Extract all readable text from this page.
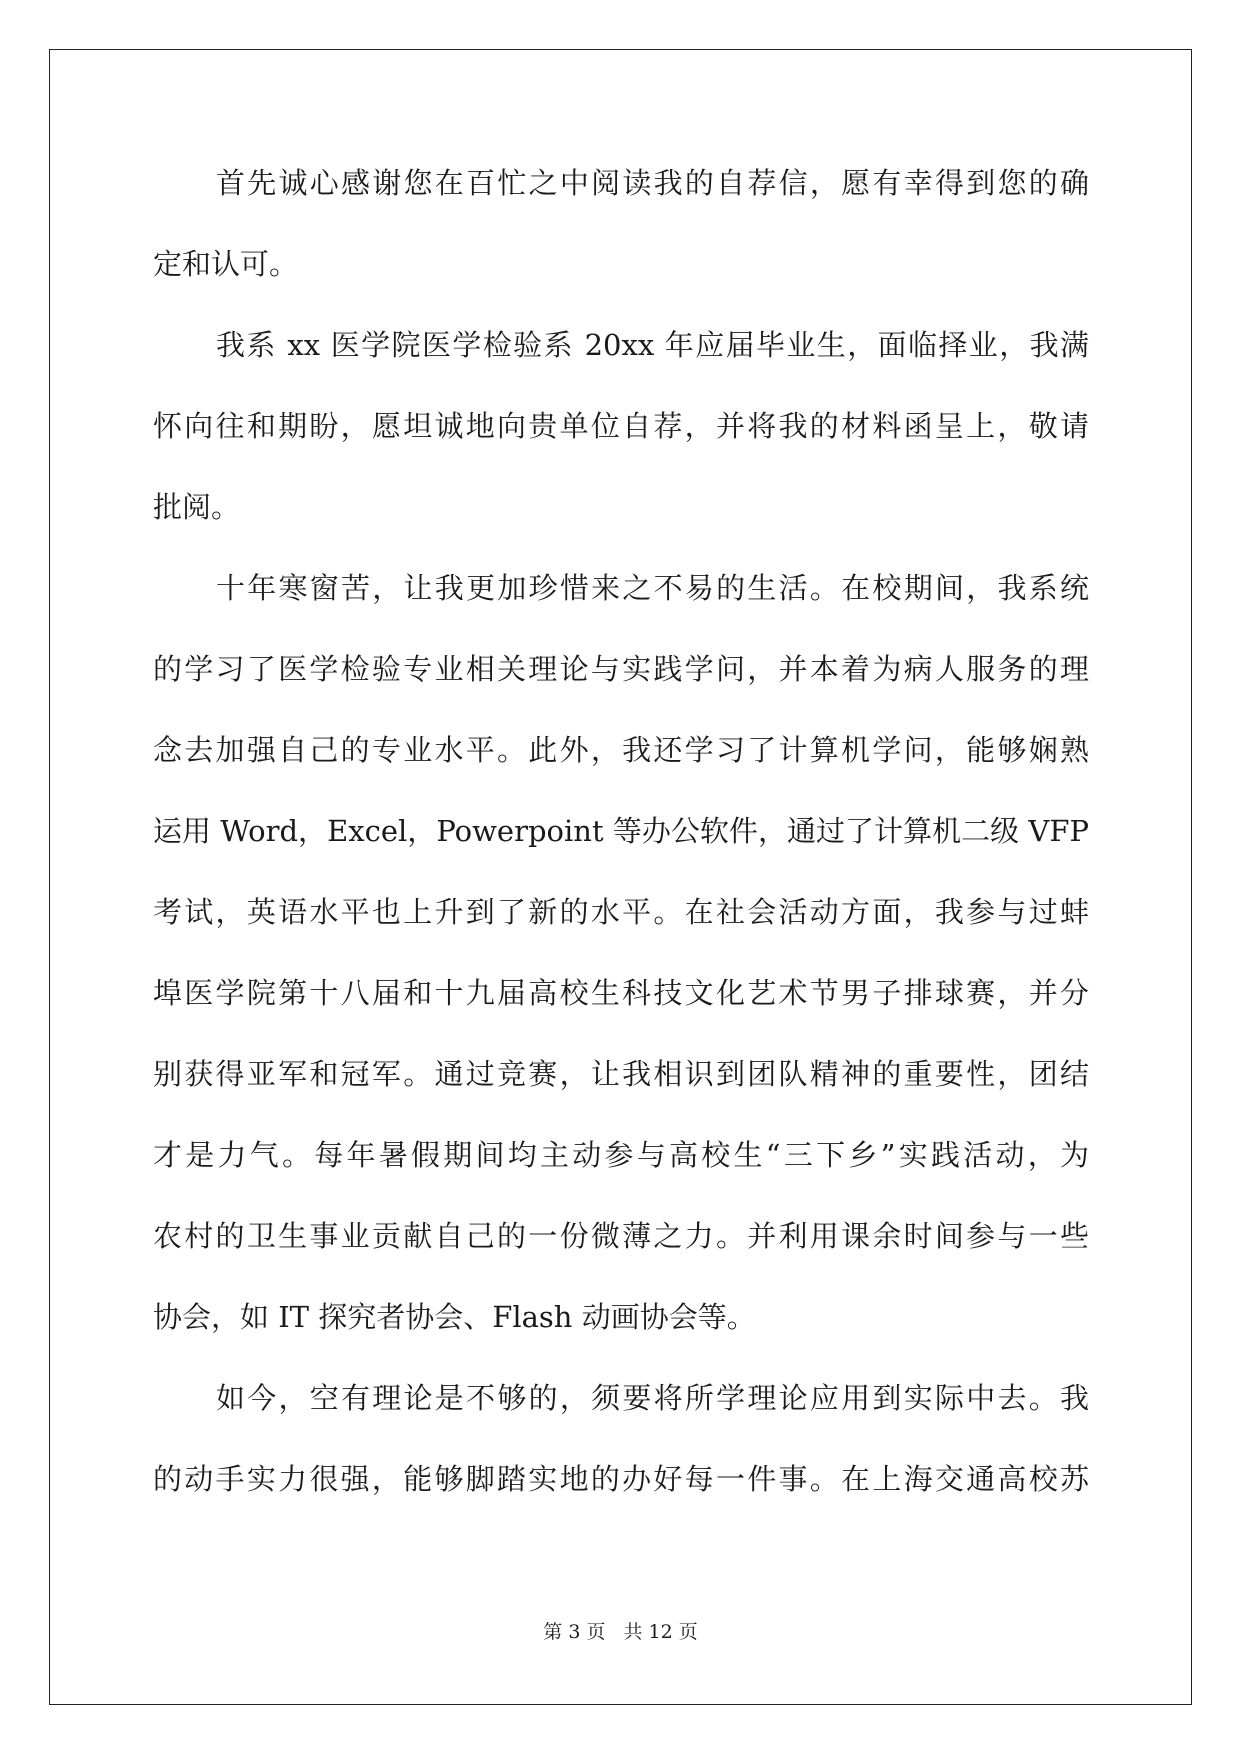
首先诚心感谢您在百忙之中阅读我的自荐信，愿有幸得到您的确
定和认可。
我系 xx 医学院医学检验系 20xx 年应届毕业生，面临择业，我满
怀向往和期盼，愿坦诚地向贵单位自荐，并将我的材料函呈上，敬请
批阅。
十年寒窗苦，让我更加珍惜来之不易的生活。在校期间，我系统
的学习了医学检验专业相关理论与实践学问，并本着为病人服务的理
念去加强自己的专业水平。此外，我还学习了计算机学问，能够娴熟
运用 Word，Excel，Powerpoint 等办公软件，通过了计算机二级 VFP
考试，英语水平也上升到了新的水平。在社会活动方面，我参与过蚌
埠医学院第十八届和十九届高校生科技文化艺术节男子排球赛，并分
别获得亚军和冠军。通过竞赛，让我相识到团队精神的重要性，团结
才是力气。每年暑假期间均主动参与高校生“三下乡”实践活动，为
农村的卫生事业贡献自己的一份微薄之力。并利用课余时间参与一些
协会，如 IT 探究者协会、Flash 动画协会等。
如今，空有理论是不够的，须要将所学理论应用到实际中去。我
的动手实力很强，能够脚踏实地的办好每一件事。在上海交通高校苏
第 3 页 共 12 页
